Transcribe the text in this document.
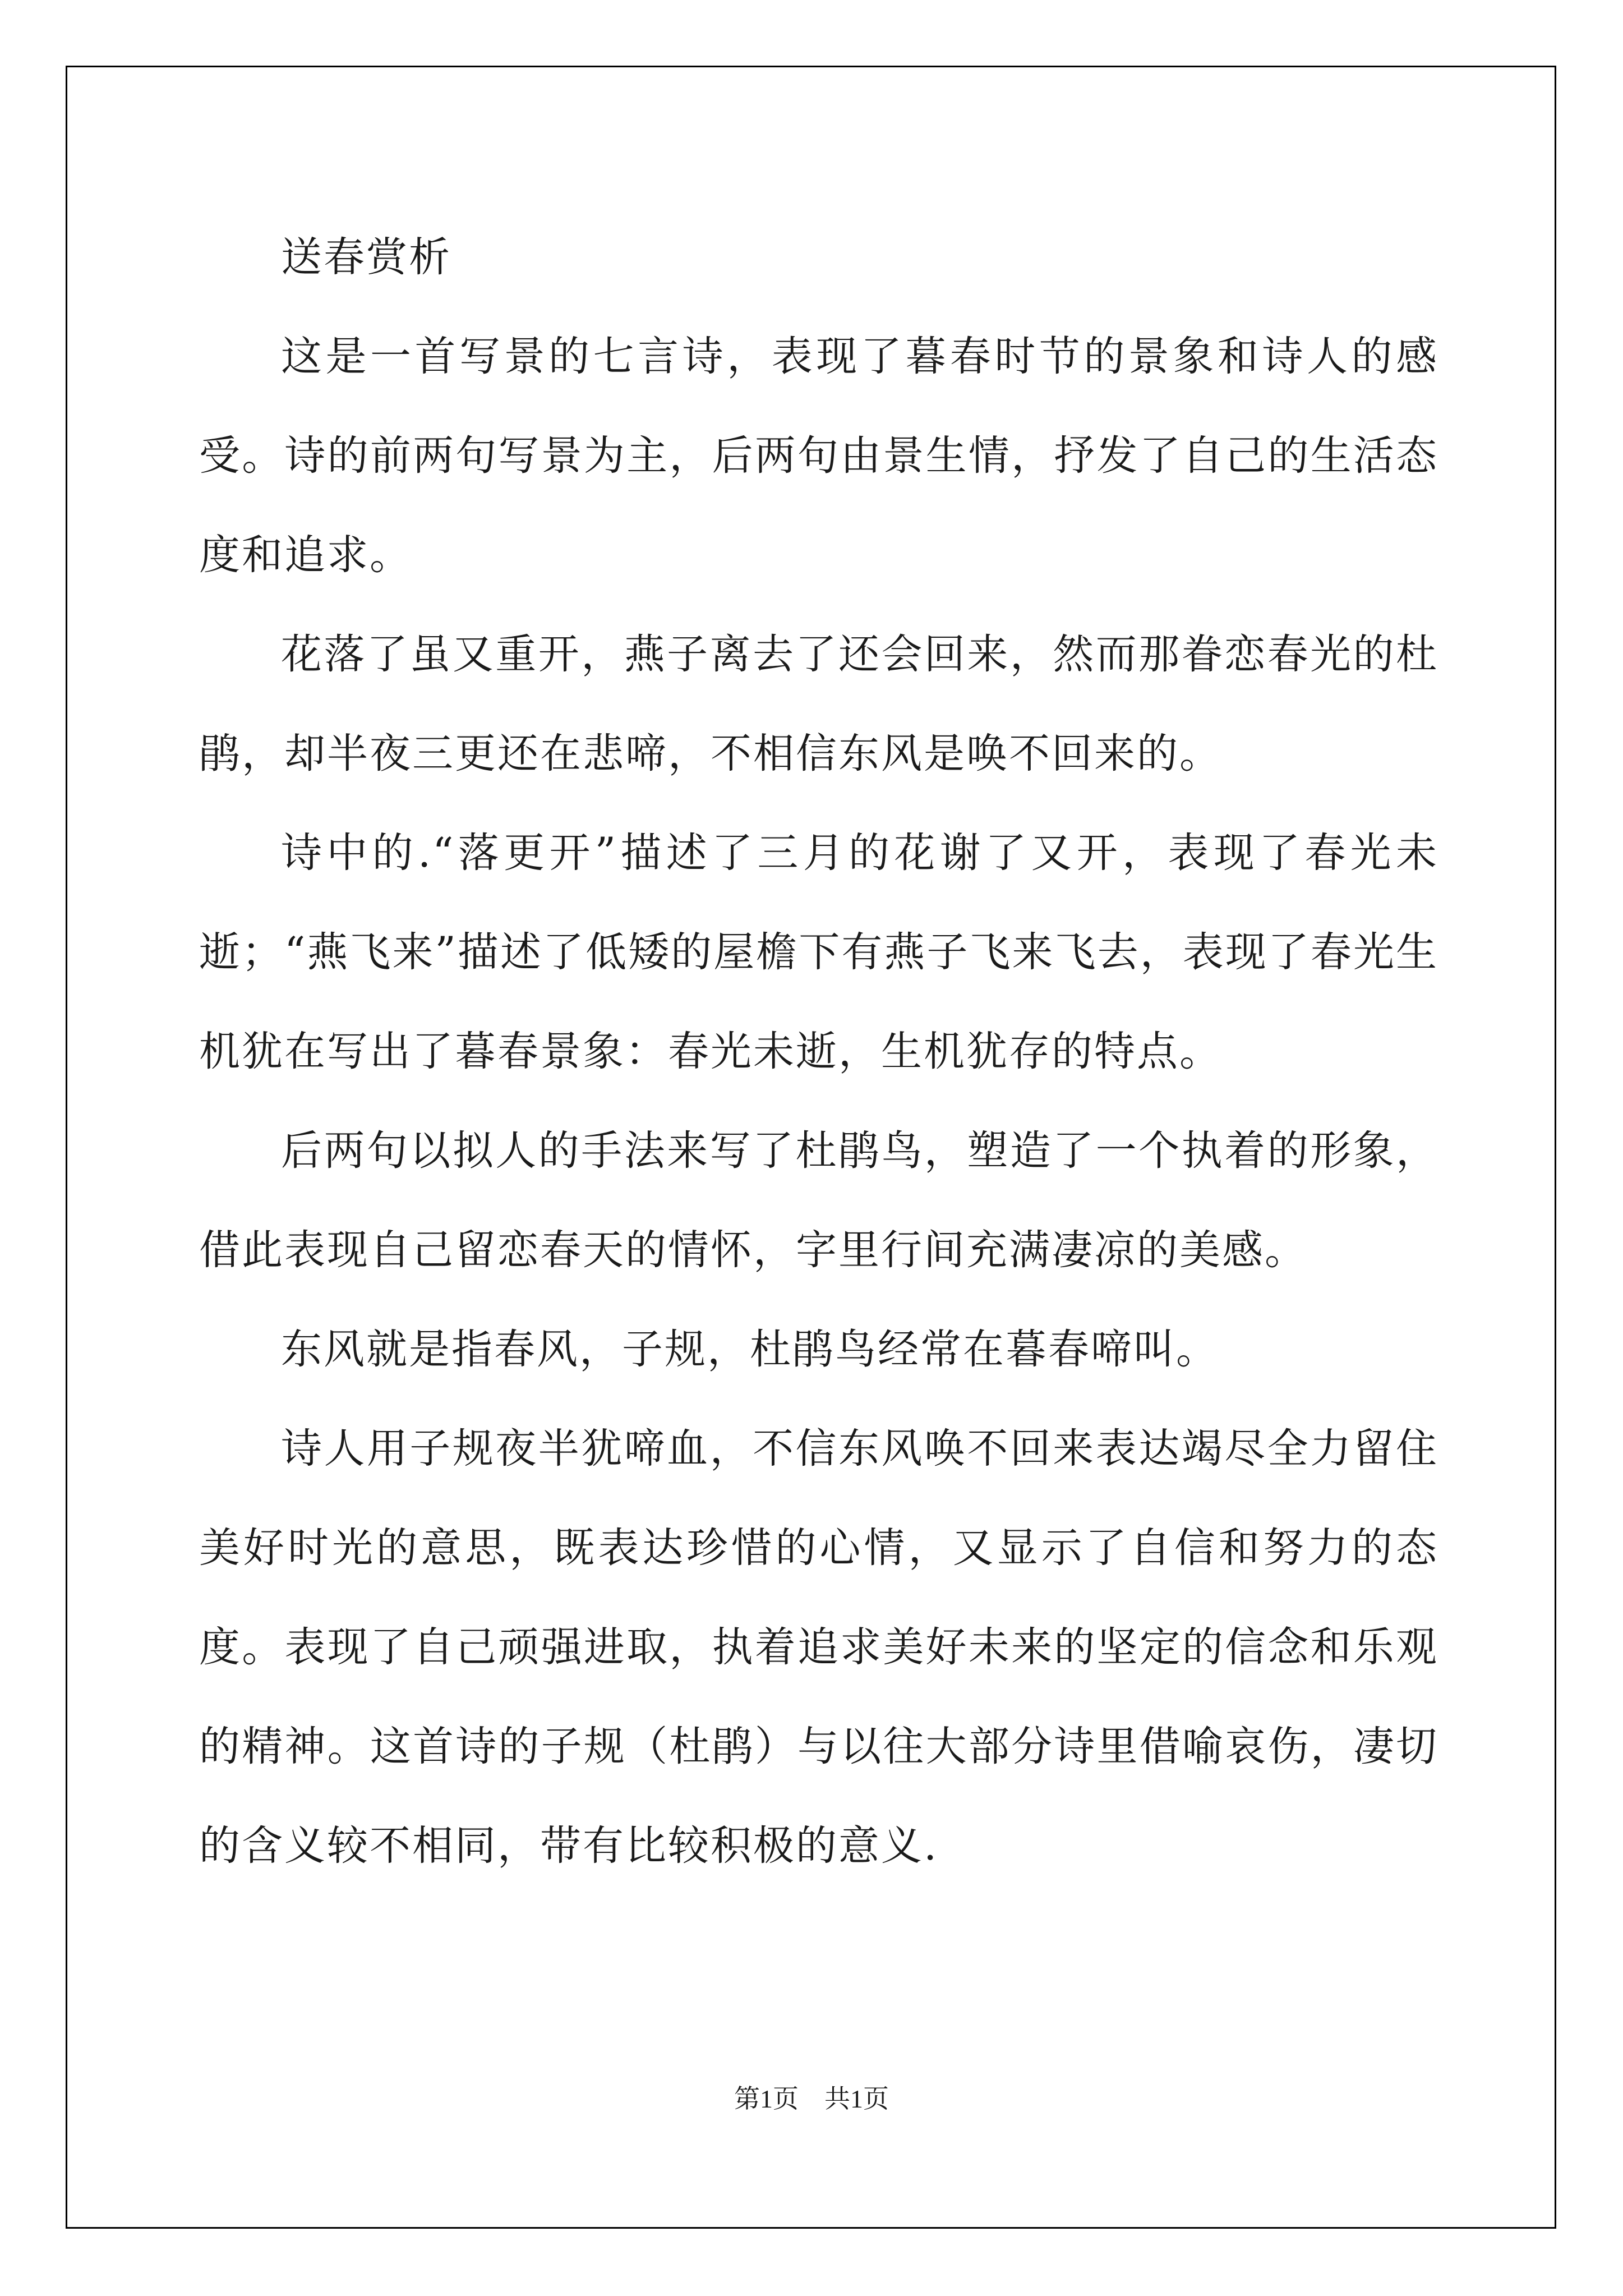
送春赏析

这是一首写景的七言诗，表现了暮春时节的景象和诗人的感受。诗的前两句写景为主，后两句由景生情，抒发了自己的生活态度和追求。

花落了虽又重开，燕子离去了还会回来，然而那眷恋春光的杜鹃，却半夜三更还在悲啼，不相信东风是唤不回来的。

诗中的.“落更开”描述了三月的花谢了又开，表现了春光未逝；“燕飞来”描述了低矮的屋檐下有燕子飞来飞去，表现了春光生机犹在写出了暮春景象：春光未逝，生机犹存的特点。

后两句以拟人的手法来写了杜鹃鸟，塑造了一个执着的形象，借此表现自己留恋春天的情怀，字里行间充满凄凉的美感。

东风就是指春风，子规，杜鹃鸟经常在暮春啼叫。

诗人用子规夜半犹啼血，不信东风唤不回来表达竭尽全力留住美好时光的意思，既表达珍惜的心情，又显示了自信和努力的态度。表现了自己顽强进取，执着追求美好未来的坚定的信念和乐观的精神。这首诗的子规（杜鹃）与以往大部分诗里借喻哀伤，凄切的含义较不相同，带有比较积极的意义.

第1页 共1页
